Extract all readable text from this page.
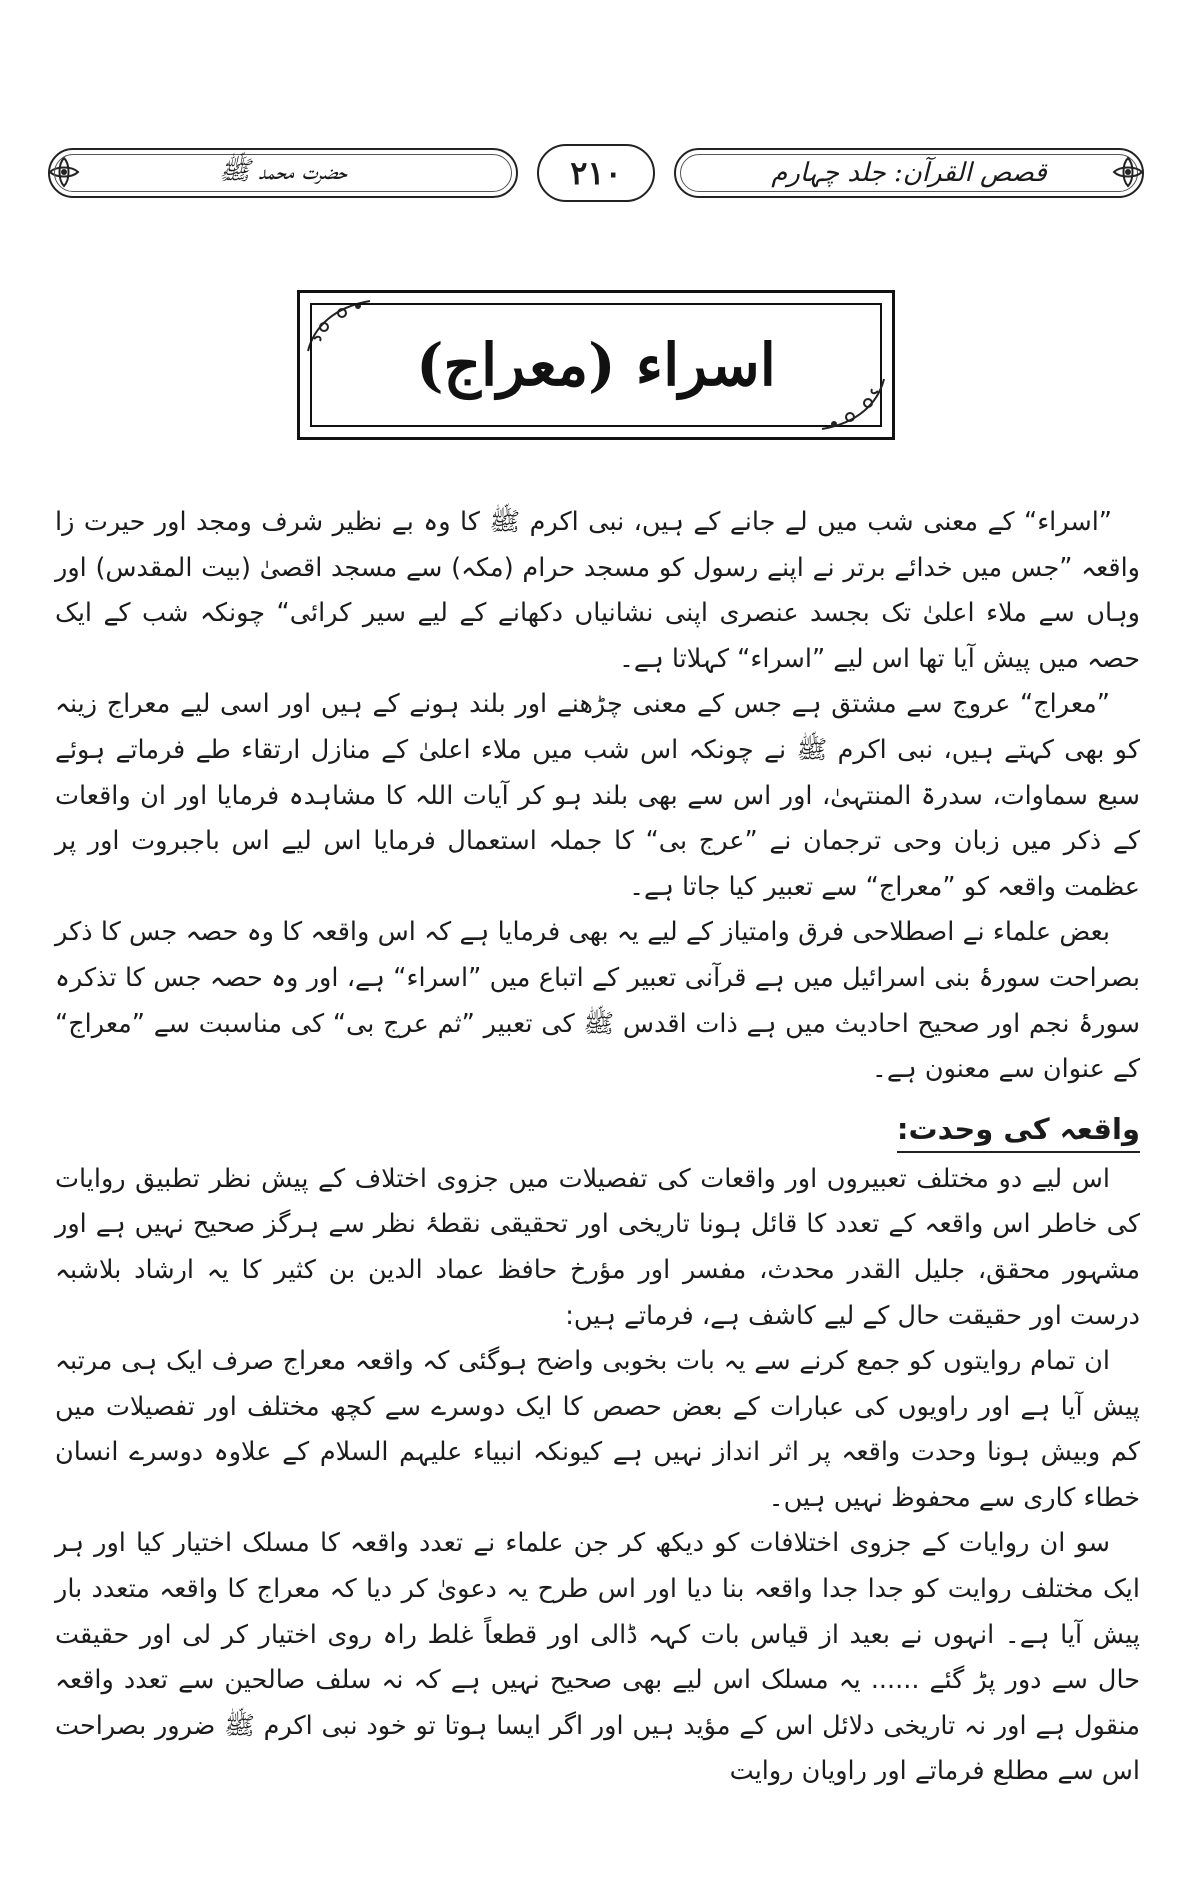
حضرت محمد ﷺ	۲۱۰	قصص القرآن: جلد چہارم
اسراء (معراج)

”اسراء“ کے معنی شب میں لے جانے کے ہیں، نبی اکرم ﷺ کا وہ بے نظیر شرف ومجد اور حیرت زا واقعہ ”جس میں خدائے برتر نے اپنے رسول کو مسجد حرام (مکہ) سے مسجد اقصیٰ (بیت المقدس) اور وہاں سے ملاء اعلیٰ تک بجسد عنصری اپنی نشانیاں دکھانے کے لیے سیر کرائی“ چونکہ شب کے ایک حصہ میں پیش آیا تھا اس لیے ”اسراء“ کہلاتا ہے۔

”معراج“ عروج سے مشتق ہے جس کے معنی چڑھنے اور بلند ہونے کے ہیں اور اسی لیے معراج زینہ کو بھی کہتے ہیں، نبی اکرم ﷺ نے چونکہ اس شب میں ملاء اعلیٰ کے منازل ارتقاء طے فرماتے ہوئے سبع سماوات، سدرۃ المنتہیٰ، اور اس سے بھی بلند ہو کر آیات اللہ کا مشاہدہ فرمایا اور ان واقعات کے ذکر میں زبان وحی ترجمان نے ”عرج بی“ کا جملہ استعمال فرمایا اس لیے اس باجبروت اور پر عظمت واقعہ کو ”معراج“ سے تعبیر کیا جاتا ہے۔

بعض علماء نے اصطلاحی فرق وامتیاز کے لیے یہ بھی فرمایا ہے کہ اس واقعہ کا وہ حصہ جس کا ذکر بصراحت سورۂ بنی اسرائیل میں ہے قرآنی تعبیر کے اتباع میں ”اسراء“ ہے، اور وہ حصہ جس کا تذکرہ سورۂ نجم اور صحیح احادیث میں ہے ذات اقدس ﷺ کی تعبیر ”ثم عرج بی“ کی مناسبت سے ”معراج“ کے عنوان سے معنون ہے۔

واقعہ کی وحدت:

اس لیے دو مختلف تعبیروں اور واقعات کی تفصیلات میں جزوی اختلاف کے پیش نظر تطبیق روایات کی خاطر اس واقعہ کے تعدد کا قائل ہونا تاریخی اور تحقیقی نقطۂ نظر سے ہرگز صحیح نہیں ہے اور مشہور محقق، جلیل القدر محدث، مفسر اور مؤرخ حافظ عماد الدین بن کثیر کا یہ ارشاد بلاشبہ درست اور حقیقت حال کے لیے کاشف ہے، فرماتے ہیں:

ان تمام روایتوں کو جمع کرنے سے یہ بات بخوبی واضح ہوگئی کہ واقعہ معراج صرف ایک ہی مرتبہ پیش آیا ہے اور راویوں کی عبارات کے بعض حصص کا ایک دوسرے سے کچھ مختلف اور تفصیلات میں کم وبیش ہونا وحدت واقعہ پر اثر انداز نہیں ہے کیونکہ انبیاء علیہم السلام کے علاوہ دوسرے انسان خطاء کاری سے محفوظ نہیں ہیں۔

سو ان روایات کے جزوی اختلافات کو دیکھ کر جن علماء نے تعدد واقعہ کا مسلک اختیار کیا اور ہر ایک مختلف روایت کو جدا جدا واقعہ بنا دیا اور اس طرح یہ دعویٰ کر دیا کہ معراج کا واقعہ متعدد بار پیش آیا ہے۔ انہوں نے بعید از قیاس بات کہہ ڈالی اور قطعاً غلط راہ روی اختیار کر لی اور حقیقت حال سے دور پڑ گئے ...... یہ مسلک اس لیے بھی صحیح نہیں ہے کہ نہ سلف صالحین سے تعدد واقعہ منقول ہے اور نہ تاریخی دلائل اس کے مؤید ہیں اور اگر ایسا ہوتا تو خود نبی اکرم ﷺ ضرور بصراحت اس سے مطلع فرماتے اور راویان روایت
